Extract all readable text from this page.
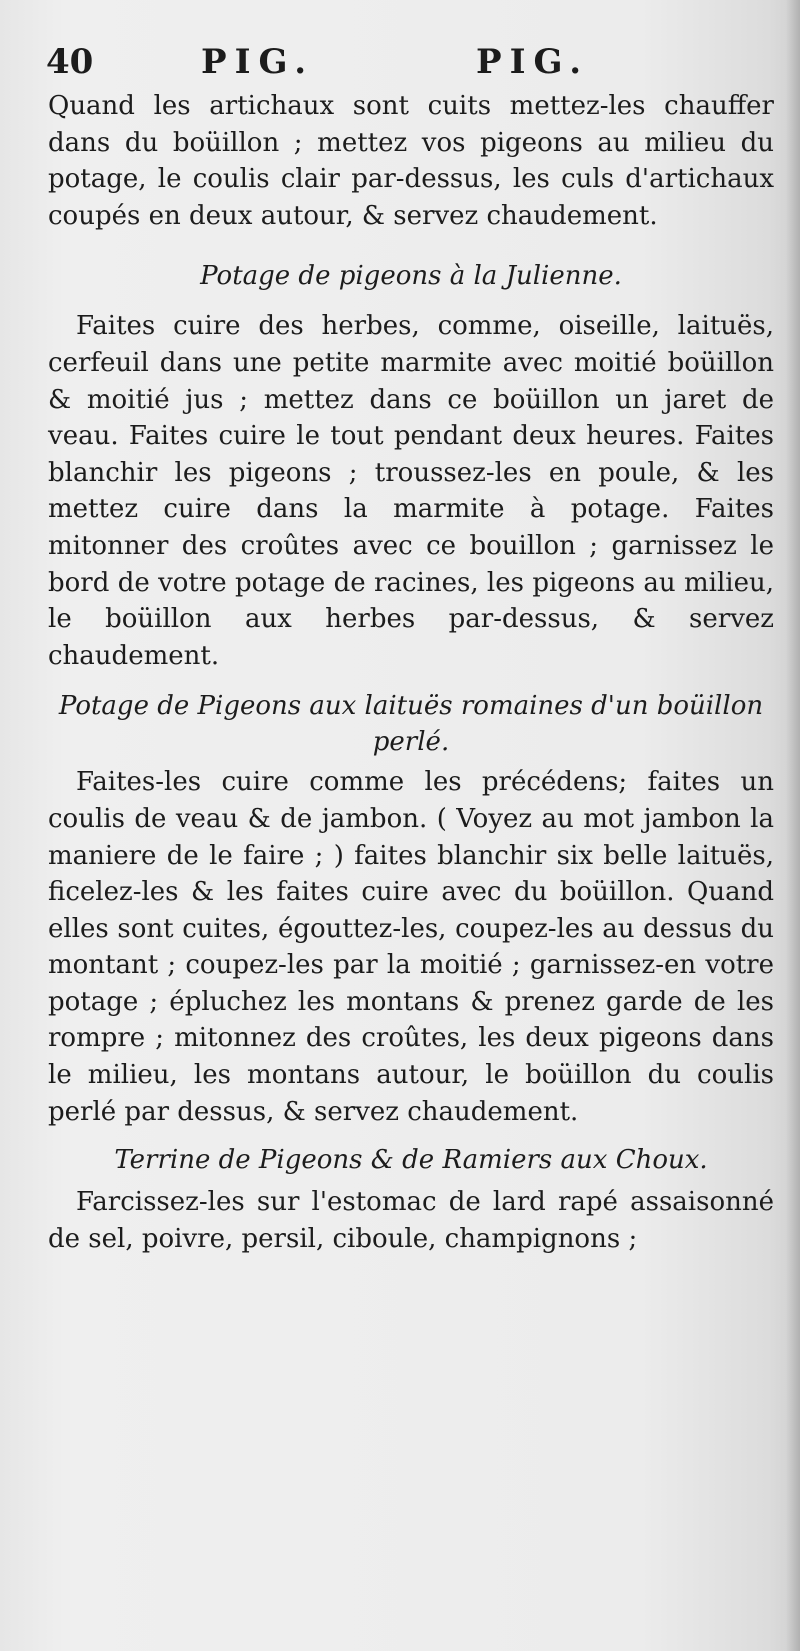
40	PIG.	PIG.

Quand les artichaux sont cuits mettez-les chauffer dans du boüillon ; mettez vos pigeons au milieu du potage, le coulis clair par-dessus, les culs d'artichaux coupés en deux autour, & servez chaudement.

Potage de pigeons à la Julienne.

Faites cuire des herbes, comme, oiseille, laituës, cerfeuil dans une petite marmite avec moitié boüillon & moitié jus ; mettez dans ce boüillon un jaret de veau. Faites cuire le tout pendant deux heures. Faites blanchir les pigeons ; troussez-les en poule, & les mettez cuire dans la marmite à potage. Faites mitonner des croûtes avec ce bouillon ; garnissez le bord de votre potage de racines, les pigeons au milieu, le boüillon aux herbes par-dessus, & servez chaudement.

Potage de Pigeons aux laituës romaines d'un boüillon perlé.

Faites-les cuire comme les précédens; faites un coulis de veau & de jambon. ( Voyez au mot jambon la maniere de le faire ; ) faites blanchir six belle laituës, ficelez-les & les faites cuire avec du boüillon. Quand elles sont cuites, égouttez-les, coupez-les au dessus du montant ; coupez-les par la moitié ; garnissez-en votre potage ; épluchez les montans & prenez garde de les rompre ; mitonnez des croûtes, les deux pigeons dans le milieu, les montans autour, le boüillon du coulis perlé par dessus, & servez chaudement.

Terrine de Pigeons & de Ramiers aux Choux.

Farcissez-les sur l'estomac de lard rapé assaisonné de sel, poivre, persil, ciboule, champignons ;
